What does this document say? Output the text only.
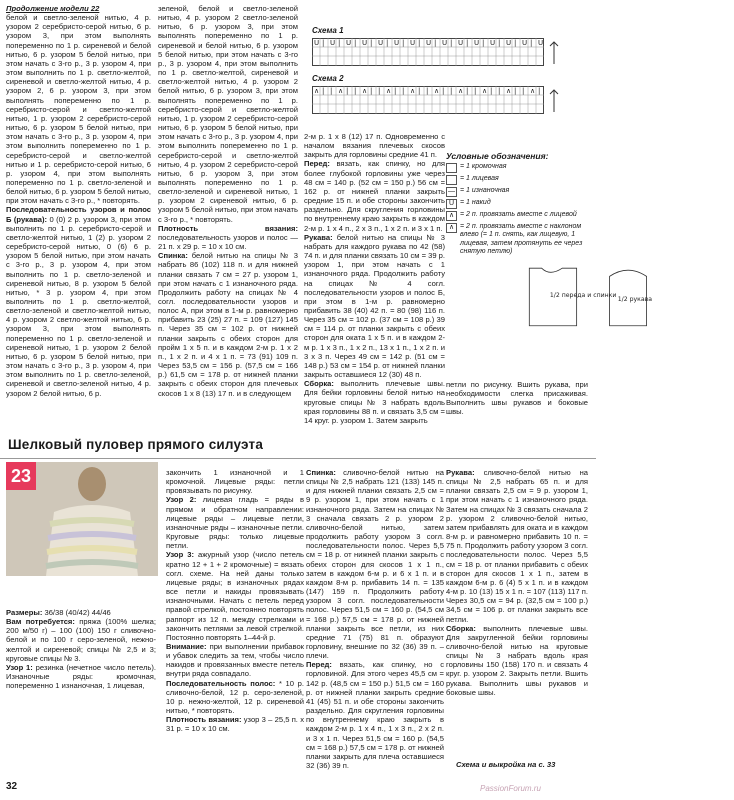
Продолжение модели 22

белой и светло-зеленой нитью, 4 р. узором 2 серебристо-серой нитью, 6 р. узором 3, при этом выполнять попеременно по 1 р. сиреневой и белой нитью, 6 р. узором 5 белой нитью, при этом начать с 3-го р., 3 р. узором 4, при этом выполнить по 1 р. светло-желтой, сиреневой и светло-желтой нитью, 4 р. узором 2, 6 р. узором 3, при этом выполнять попеременно по 1 р. серебристо-серой и светло-желтой нитью, 1 р. узором 2 серебристо-серой нитью, 6 р. узором 5 белой нитью, при этом начать с 3-го р., 3 р. узором 4, при этом выполнить попеременно по 1 р. серебристо-серой и светло-желтой нитью и 1 р. серебристо-серой нитью, 6 р. узором 4, при этом выполнять попеременно по 1 р. светло-зеленой и белой нитью, 6 р. узором 5 белой нитью, при этом начать с 3-го р., * повторять.

Последовательность узоров и полос Б (рукава): 0 (0) 2 р. узором 3, при этом выполнить по 1 р. серебристо-серой и светло-желтой нитью, 1 (2) р. узором 2 серебристо-серой нитью, 0 (6) 6 р. узором 5 белой нитью, при этом начать с 3-го р., 3 р. узором 4, при этом выполнить по 1 р. светло-зеленой и сиреневой нитью, 8 р. узором 5 белой нитью, * 3 р. узором 4, при этом выполнить по 1 р. светло-желтой, светло-зеленой и светло-желтой нитью, 4 р. узором 2 светло-желтой нитью, 6 р. узором 3, при этом выполнять попеременно по 1 р. светло-зеленой и сиреневой нитью, 1 р. узором 2 белой нитью, 6 р. узором 5 белой нитью, при этом начать с 3-го р., 3 р. узором 4, при этом выполнить по 1 р. светло-зеленой, сиреневой и светло-зеленой нитью, 4 р. узором 2 белой нитью, 6 р.

зеленой, белой и светло-зеленой нитью, 4 р. узором 2 светло-зеленой нитью, 6 р. узором 3, при этом выполнять попеременно по 1 р. сиреневой и белой нитью, 6 р. узором 5 белой нитью, при этом начать с 3-го р., 3 р. узором 4, при этом выполнить по 1 р. светло-желтой, сиреневой и светло-желтой нитью, 4 р. узором 2 белой нитью, 6 р. узором 3, при этом выполнять попеременно по 1 р. серебристо-серой и светло-желтой нитью, 1 р. узором 2 серебристо-серой нитью, 6 р. узором 5 белой нитью, при этом начать с 3-го р., 3 р. узором 4, при этом выполнить попеременно по 1 р. серебристо-серой и светло-желтой нитью, 4 р. узором 2 серебристо-серой нитью, 6 р. узором 3, при этом выполнять попеременно по 1 р. светло-зеленой и сиреневой нитью, 1 р. узором 2 сиреневой нитью, 6 р. узором 5 белой нитью, при этом начать с 3-го р., * повторять.

Плотность вязания: последовательность узоров и полос — 21 п. х 29 р. = 10 х 10 см.

Спинка: белой нитью на спицы № 3 набрать 86 (102) 118 п. и для нижней планки связать 7 см = 27 р. узором 1, при этом начать с 1 изнаночного ряда. Продолжить работу на спицах № 4 согл. последовательности узоров и полос А, при этом в 1-м р. равномерно прибавить 23 (25) 27 п. = 109 (127) 145 п. Через 35 см = 102 р. от нижней планки закрыть с обеих сторон для пройм 1 х 5 п. и в каждом 2-м р. 1 х 2 п., 1 х 2 п. и 4 х 1 п. = 73 (91) 109 п. Через 53,5 см = 156 р. (57,5 см = 166 р.) 61,5 см = 178 р. от нижней планки закрыть с обеих сторон для плечевых скосов 1 х 8 (13) 17 п. и в следующем

Схема 1
U | U | U | U | U | U | U | U | U | U | U | U | U | U | U
Схема 2
∧ | | ∧ | | ∧ | | ∧ | | ∧ | | ∧ | | ∧ | | ∧ | | ∧ | | ∧ |

2-м р. 1 х 8 (12) 17 п. Одновременно с началом вязания плечевых скосов закрыть для горловины средние 41 п.

Перед: вязать, как спинку, но для более глубокой горловины уже через 48 см = 140 р. (52 см = 150 р.) 56 см = 162 р. от нижней планки закрыть средние 15 п. и обе стороны закончить раздельно. Для скругления горловины по внутреннему краю закрыть в каждом 2-м р. 1 х 4 п., 2 х 3 п., 1 х 2 п. и 3 х 1 п.

Рукава: белой нитью на спицы № 3 набрать для каждого рукава по 42 (58) 74 п. и для планки связать 10 см = 39 р. узором 1, при этом начать с 1 изнаночного ряда. Продолжить работу на спицах № 4 согл. последовательности узоров и полос Б, при этом в 1-м р. равномерно прибавить 38 (40) 42 п. = 80 (98) 116 п. Через 35 см = 102 р. (37 см = 108 р.) 39 см = 114 р. от планки закрыть с обеих сторон для оката 1 х 5 п. и в каждом 2-м р. 1 х 3 п., 1 х 2 п., 13 х 1 п., 1 х 2 п. и 3 х 3 п. Через 49 см = 142 р. (51 см = 148 р.) 53 см = 154 р. от нижней планки закрыть оставшиеся 12 (30) 48 п.

Сборка: выполнить плечевые швы. Для бейки горловины белой нитью на круговые спицы № 3 набрать вдоль края горловины 88 п. и связать 3,5 см = 14 круг. р. узором 1. Затем закрыть

Условные обозначения:
= 1 кромочная
= 1 лицевая
— = 1 изнаночная
U = 1 накид
∧ = 2 п. провязать вместе с лицевой
∧ = 2 п. провязать вместе с наклоном влево (= 1 п. снять, как лицевую, 1 лицевая, затем протянуть ее через снятую петлю)
1/2 переда и спинки
1/2 рукава

петли по рисунку. Вшить рукава, при необходимости слегка присаживая. Выполнить швы рукавов и боковые швы.

Шелковый пуловер прямого силуэта
23

Размеры: 36/38 (40/42) 44/46

Вам потребуется: пряжа (100% шелка; 200 м/50 г) – 100 (100) 150 г сливочно-белой и по 100 г серо-зеленой, нежно-желтой и сиреневой; спицы № 2,5 и 3; круговые спицы № 3.

Узор 1: резинка (нечетное число петель). Изнаночные ряды: кромочная, попеременно 1 изнаночная, 1 лицевая,

закончить 1 изнаночной и 1 кромочной. Лицевые ряды: петли провязывать по рисунку.

Узор 2: лицевая гладь = ряды в прямом и обратном направлении: лицевые ряды – лицевые петли, изнаночные ряды – изнаночные петли. Круговые ряды: только лицевые петли.

Узор 3: ажурный узор (число петель кратно 12 + 1 + 2 кромочные) = вязать согл. схеме. На ней даны только лицевые ряды; в изнаночных рядах все петли и накиды провязывать изнаночными. Начать с петель перед правой стрелкой, постоянно повторять раппорт из 12 п. между стрелками и закончить петлями за левой стрелкой. Постоянно повторять 1–44-й р.

Внимание: при выполнении прибавок и убавок следить за тем, чтобы число накидов и провязанных вместе петель внутри ряда совпадало.

Последовательность полос: * 10 р. сливочно-белой, 12 р. серо-зеленой, 10 р. нежно-желтой, 12 р. сиреневой нитью, * повторять.

Плотность вязания: узор 3 – 25,5 п. х 31 р. = 10 х 10 см.

Спинка: сливочно-белой нитью на спицы № 2,5 набрать 121 (133) 145 п. и для нижней планки связать 2,5 см = 9 р. узором 1, при этом начать с 1 изнаночного ряда. Затем на спицах № 3 сначала связать 2 р. узором 2 сливочно-белой нитью, затем продолжить работу узором 3 согл. последовательности полос. Через 5,5 см = 18 р. от нижней планки закрыть с обеих сторон для скосов 1 х 1 п., затем в каждом 6-м р. и 6 х 1 п. и в каждом 8-м р. прибавить 14 п. = 135 (147) 159 п. Продолжить работу узором 3 согл. последовательности полос. Через 51,5 см = 160 р. (54,5 см = 168 р.) 57,5 см = 178 р. от нижней планки закрыть все петли, из них средние 71 (75) 81 п. образуют горловину, внешние по 32 (36) 39 п. – плечи.

Перед: вязать, как спинку, но с горловиной. Для этого через 45,5 см = 142 р. (48,5 см = 150 р.) 51,5 см = 160 р. от нижней планки закрыть средние 41 (45) 51 п. и обе стороны закончить раздельно. Для скругления горловины по внутреннему краю закрыть в каждом 2-м р. 1 х 4 п., 1 х 3 п., 2 х 2 п. и 3 х 1 п. Через 51,5 см = 160 р. (54,5 см = 168 р.) 57,5 см = 178 р. от нижней планки закрыть для плеча оставшиеся 32 (36) 39 п.

Рукава: сливочно-белой нитью на спицы № 2,5 набрать 65 п. и для планки связать 2,5 см = 9 р. узором 1, при этом начать с 1 изнаночного ряда. Затем на спицах № 3 связать сначала 2 р. узором 2 сливочно-белой нитью, затем прибавлять для оката и в каждом 8-м р. и равномерно прибавить 10 п. = 75 п. Продолжить работу узором 3 согл. последовательности полос. Через 5,5 см = 18 р. от планки прибавить с обеих сторон для скосов 1 х 1 п., затем в каждом 6-м р. 6 (4) 5 х 1 п. и в каждом 4-м р. 10 (13) 15 х 1 п. = 107 (113) 117 п. Через 30,5 см = 94 р. (32,5 см = 100 р.) 34,5 см = 106 р. от планки закрыть все петли.

Сборка: выполнить плечевые швы. Для закругленной бейки горловины сливочно-белой нитью на круговые спицы № 3 набрать вдоль края горловины 150 (158) 170 п. и связать 4 круг. р. узором 2. Закрыть петли. Вшить рукава. Выполнить швы рукавов и боковые швы.

Схема и выкройка на с. 33
32	PassionForum.ru
